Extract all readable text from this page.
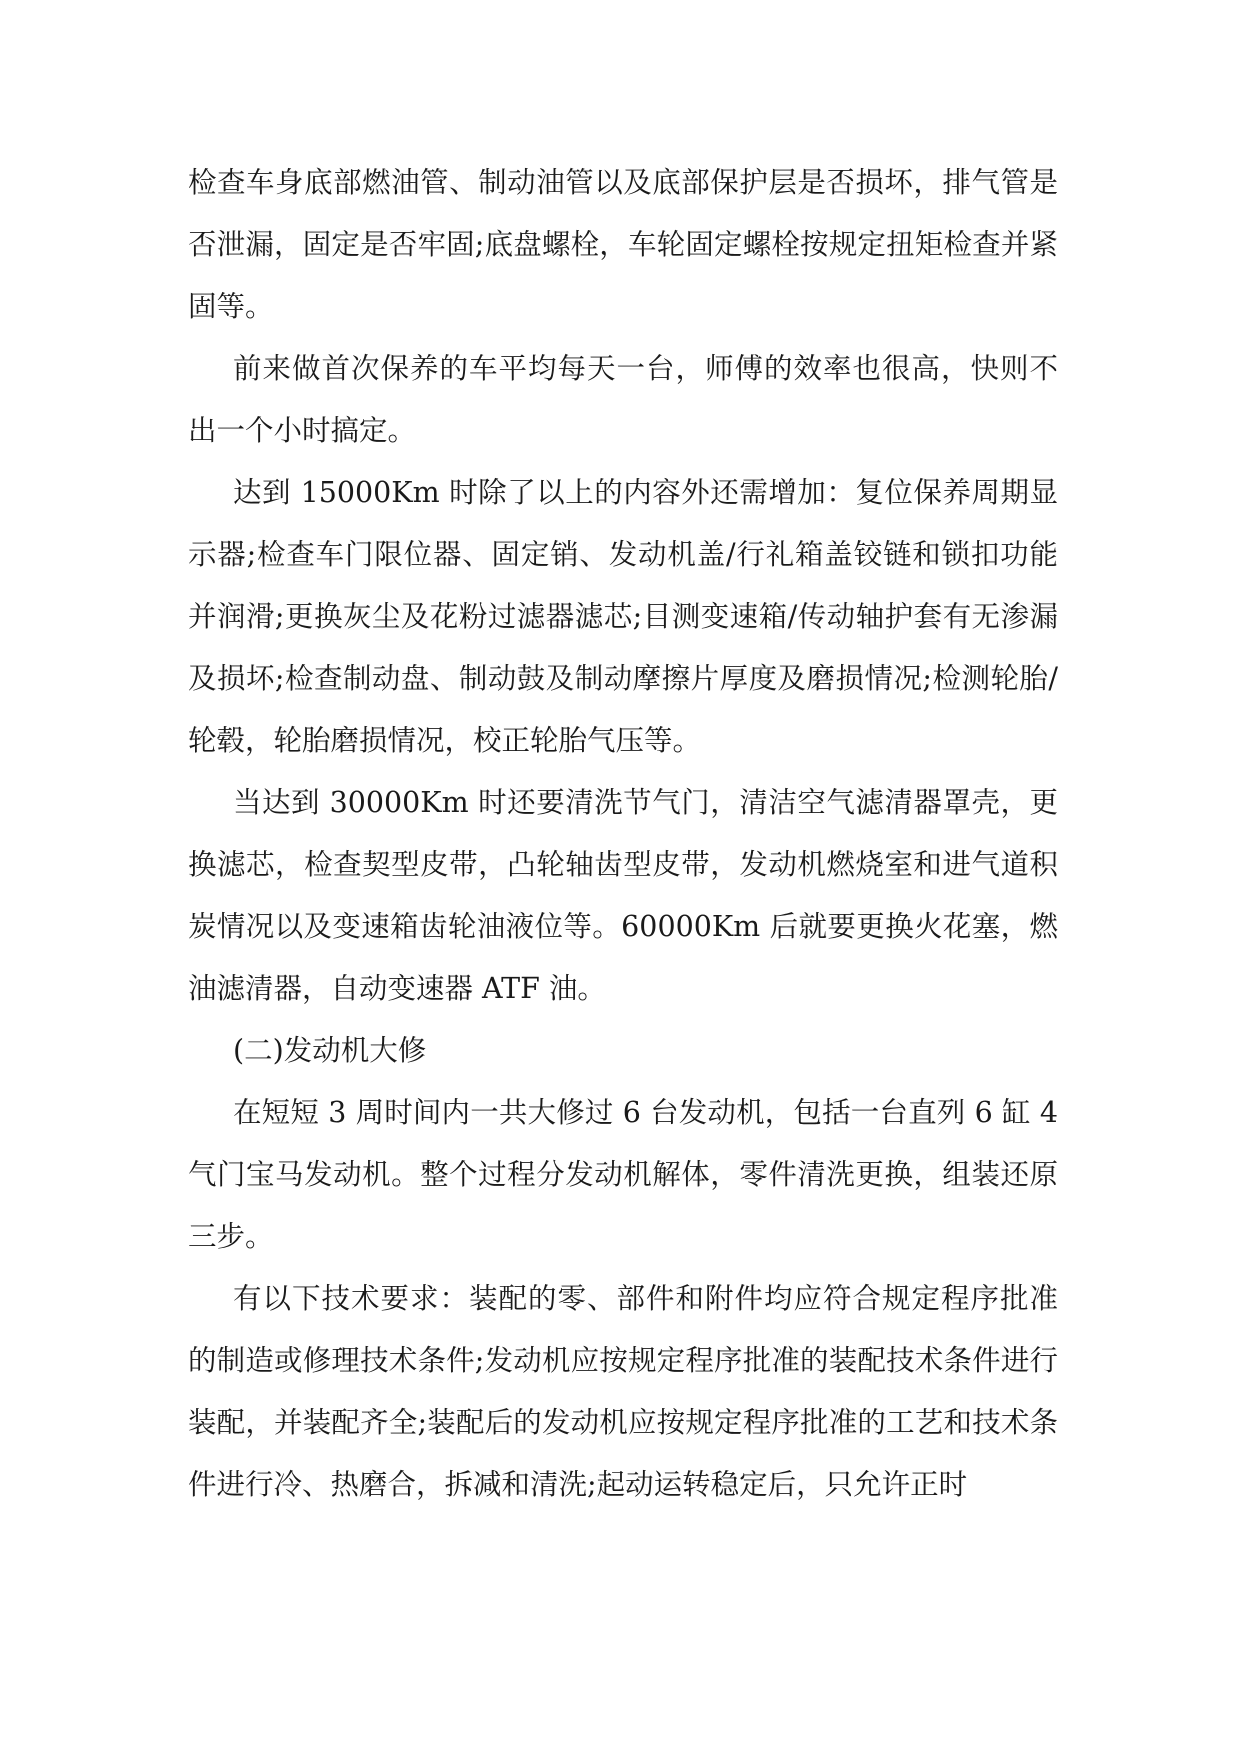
检查车身底部燃油管、制动油管以及底部保护层是否损坏，排气管是否泄漏，固定是否牢固;底盘螺栓，车轮固定螺栓按规定扭矩检查并紧固等。

前来做首次保养的车平均每天一台，师傅的效率也很高，快则不出一个小时搞定。

达到 15000Km 时除了以上的内容外还需增加：复位保养周期显示器;检查车门限位器、固定销、发动机盖/行礼箱盖铰链和锁扣功能并润滑;更换灰尘及花粉过滤器滤芯;目测变速箱/传动轴护套有无渗漏及损坏;检查制动盘、制动鼓及制动摩擦片厚度及磨损情况;检测轮胎/轮毂，轮胎磨损情况，校正轮胎气压等。

当达到 30000Km 时还要清洗节气门，清洁空气滤清器罩壳，更换滤芯，检查契型皮带，凸轮轴齿型皮带，发动机燃烧室和进气道积炭情况以及变速箱齿轮油液位等。60000Km 后就要更换火花塞，燃油滤清器，自动变速器 ATF 油。

(二)发动机大修

在短短 3 周时间内一共大修过 6 台发动机，包括一台直列 6 缸 4 气门宝马发动机。整个过程分发动机解体，零件清洗更换，组装还原三步。

有以下技术要求：装配的零、部件和附件均应符合规定程序批准的制造或修理技术条件;发动机应按规定程序批准的装配技术条件进行装配，并装配齐全;装配后的发动机应按规定程序批准的工艺和技术条件进行冷、热磨合，拆减和清洗;起动运转稳定后，只允许正时
